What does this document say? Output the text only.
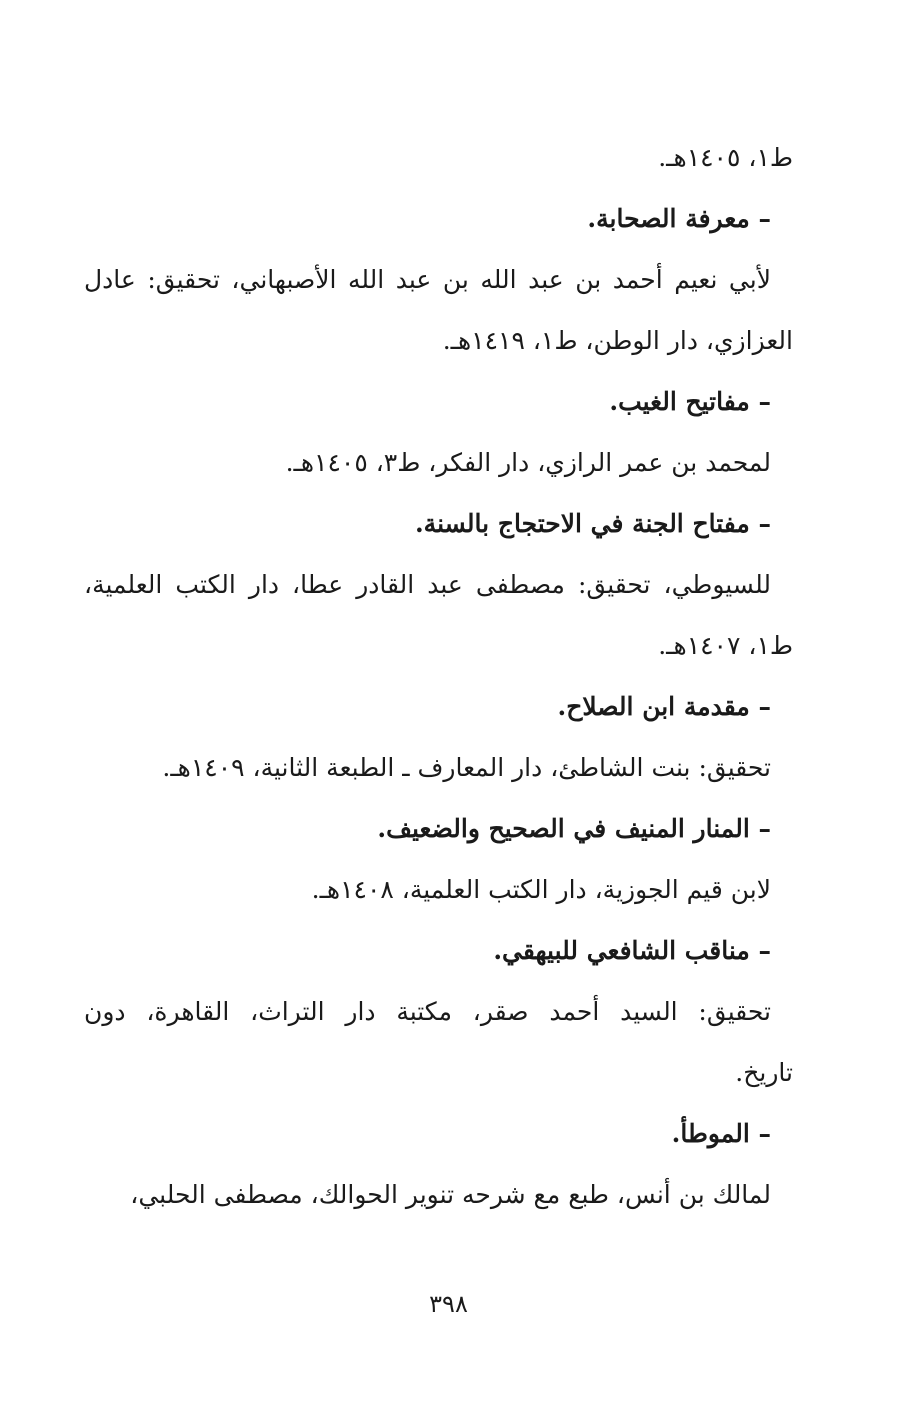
ط١، ١٤٠٥هـ.
– معرفة الصحابة.
لأبي نعيم أحمد بن عبد الله بن عبد الله الأصبهاني، تحقيق: عادل
العزازي، دار الوطن، ط١، ١٤١٩هـ.
– مفاتيح الغيب.
لمحمد بن عمر الرازي، دار الفكر، ط٣، ١٤٠٥هـ.
– مفتاح الجنة في الاحتجاج بالسنة.
للسيوطي، تحقيق: مصطفى عبد القادر عطا، دار الكتب العلمية،
ط١، ١٤٠٧هـ.
– مقدمة ابن الصلاح.
تحقيق: بنت الشاطئ، دار المعارف ـ الطبعة الثانية، ١٤٠٩هـ.
– المنار المنيف في الصحيح والضعيف.
لابن قيم الجوزية، دار الكتب العلمية، ١٤٠٨هـ.
– مناقب الشافعي للبيهقي.
تحقيق: السيد أحمد صقر، مكتبة دار التراث، القاهرة، دون
تاريخ.
– الموطأ.
لمالك بن أنس، طبع مع شرحه تنوير الحوالك، مصطفى الحلبي،
٣٩٨
